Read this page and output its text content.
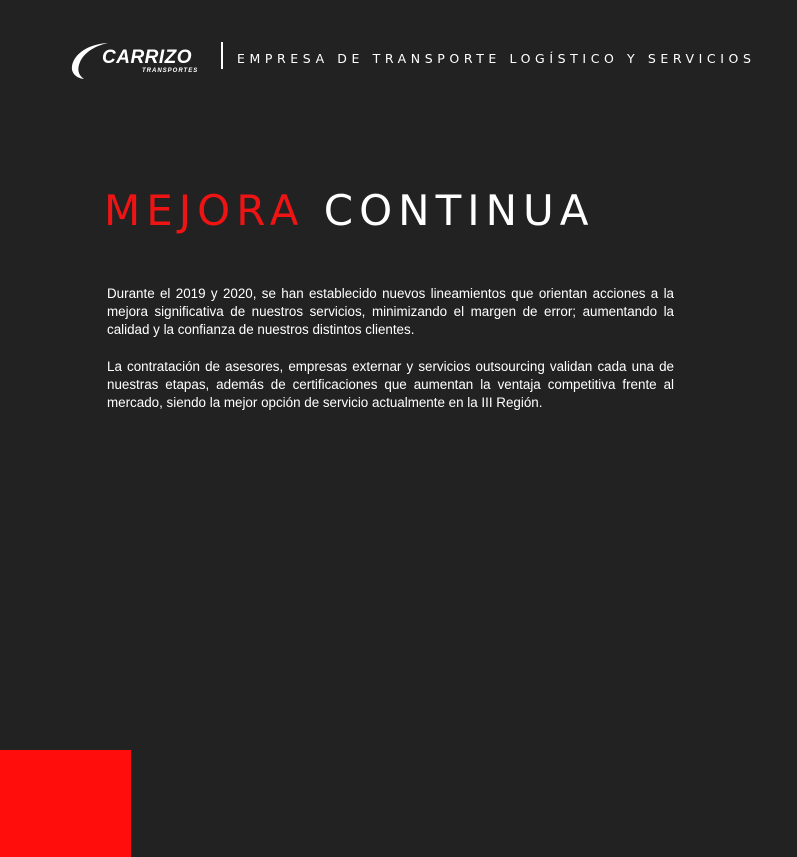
CARRIZO
TRANSPORTES
EMPRESA DE TRANSPORTE LOGÍSTICO Y SERVICIOS
MEJORA CONTINUA

Durante el 2019 y 2020, se han establecido nuevos lineamientos que orientan acciones a la mejora significativa de nuestros servicios, minimizando el margen de error; aumentando la calidad y la confianza de nuestros distintos clientes.

La contratación de asesores, empresas externar y servicios outsourcing validan cada una de nuestras etapas, además de certificaciones que aumentan la ventaja competitiva frente al mercado, siendo la mejor opción de servicio actualmente en la III Región.
